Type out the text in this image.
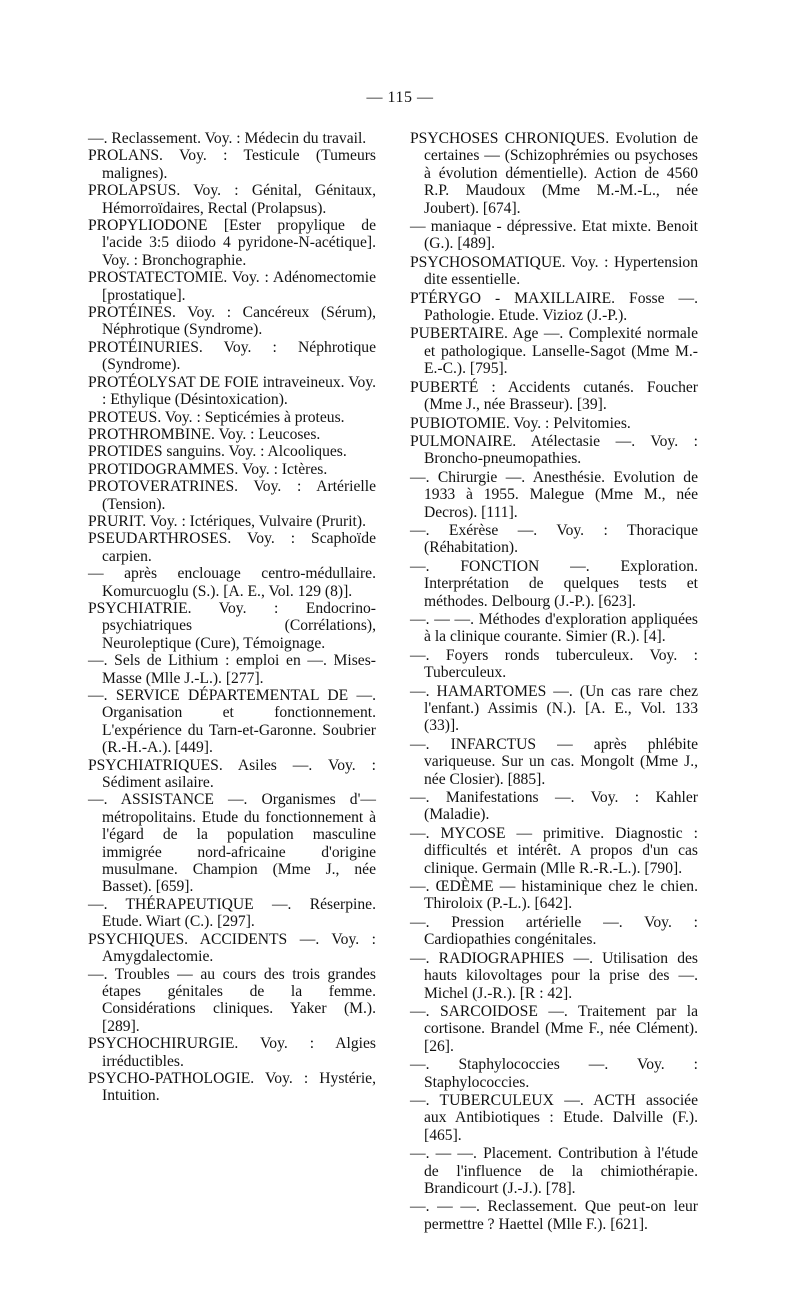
— 115 —

—. Reclassement. Voy. : Médecin du travail.

PROLANS. Voy. : Testicule (Tumeurs malignes).

PROLAPSUS. Voy. : Génital, Génitaux, Hémorroïdaires, Rectal (Prolapsus).

PROPYLIODONE [Ester propylique de l'acide 3:5 diiodo 4 pyridone-N-acétique]. Voy. : Bronchographie.

PROSTATECTOMIE. Voy. : Adénomectomie [prostatique].

PROTÉINES. Voy. : Cancéreux (Sérum), Néphrotique (Syndrome).

PROTÉINURIES. Voy. : Néphrotique (Syndrome).

PROTÉOLYSAT DE FOIE intraveineux. Voy. : Ethylique (Désintoxication).

PROTEUS. Voy. : Septicémies à proteus.

PROTHROMBINE. Voy. : Leucoses.

PROTIDES sanguins. Voy. : Alcooliques.

PROTIDOGRAMMES. Voy. : Ictères.

PROTOVERATRINES. Voy. : Artérielle (Tension).

PRURIT. Voy. : Ictériques, Vulvaire (Prurit).

PSEUDARTHROSES. Voy. : Scaphoïde carpien.

— après enclouage centro-médullaire. Komurcuoglu (S.). [A. E., Vol. 129 (8)].

PSYCHIATRIE. Voy. : Endocrino-psychiatriques (Corrélations), Neuroleptique (Cure), Témoignage.

—. Sels de Lithium : emploi en —. Mises-Masse (Mlle J.-L.). [277].

—. SERVICE DÉPARTEMENTAL DE —. Organisation et fonctionnement. L'expérience du Tarn-et-Garonne. Soubrier (R.-H.-A.). [449].

PSYCHIATRIQUES. Asiles —. Voy. : Sédiment asilaire.

—. ASSISTANCE —. Organismes d'— métropolitains. Etude du fonctionnement à l'égard de la population masculine immigrée nord-africaine d'origine musulmane. Champion (Mme J., née Basset). [659].

—. THÉRAPEUTIQUE —. Réserpine. Etude. Wiart (C.). [297].

PSYCHIQUES. ACCIDENTS —. Voy. : Amygdalectomie.

—. Troubles — au cours des trois grandes étapes génitales de la femme. Considérations cliniques. Yaker (M.). [289].

PSYCHOCHIRURGIE. Voy. : Algies irréductibles.

PSYCHO-PATHOLOGIE. Voy. : Hystérie, Intuition.

PSYCHOSES CHRONIQUES. Evolution de certaines — (Schizophrémies ou psychoses à évolution démentielle). Action de 4560 R.P. Maudoux (Mme M.-M.-L., née Joubert). [674].

— maniaque - dépressive. Etat mixte. Benoit (G.). [489].

PSYCHOSOMATIQUE. Voy. : Hypertension dite essentielle.

PTÉRYGO - MAXILLAIRE. Fosse —. Pathologie. Etude. Vizioz (J.-P.).

PUBERTAIRE. Age —. Complexité normale et pathologique. Lanselle-Sagot (Mme M.-E.-C.). [795].

PUBERTÉ : Accidents cutanés. Foucher (Mme J., née Brasseur). [39].

PUBIOTOMIE. Voy. : Pelvitomies.

PULMONAIRE. Atélectasie —. Voy. : Broncho-pneumopathies.

—. Chirurgie —. Anesthésie. Evolution de 1933 à 1955. Malegue (Mme M., née Decros). [111].

—. Exérèse —. Voy. : Thoracique (Réhabitation).

—. FONCTION —. Exploration. Interprétation de quelques tests et méthodes. Delbourg (J.-P.). [623].

—. — —. Méthodes d'exploration appliquées à la clinique courante. Simier (R.). [4].

—. Foyers ronds tuberculeux. Voy. : Tuberculeux.

—. HAMARTOMES —. (Un cas rare chez l'enfant.) Assimis (N.). [A. E., Vol. 133 (33)].

—. INFARCTUS — après phlébite variqueuse. Sur un cas. Mongolt (Mme J., née Closier). [885].

—. Manifestations —. Voy. : Kahler (Maladie).

—. MYCOSE — primitive. Diagnostic : difficultés et intérêt. A propos d'un cas clinique. Germain (Mlle R.-R.-L.). [790].

—. ŒDÈME — histaminique chez le chien. Thiroloix (P.-L.). [642].

—. Pression artérielle —. Voy. : Cardiopathies congénitales.

—. RADIOGRAPHIES —. Utilisation des hauts kilovoltages pour la prise des —. Michel (J.-R.). [R : 42].

—. SARCOIDOSE —. Traitement par la cortisone. Brandel (Mme F., née Clément). [26].

—. Staphylococcies —. Voy. : Staphylococcies.

—. TUBERCULEUX —. ACTH associée aux Antibiotiques : Etude. Dalville (F.). [465].

—. — —. Placement. Contribution à l'étude de l'influence de la chimiothérapie. Brandicourt (J.-J.). [78].

—. — —. Reclassement. Que peut-on leur permettre ? Haettel (Mlle F.). [621].
